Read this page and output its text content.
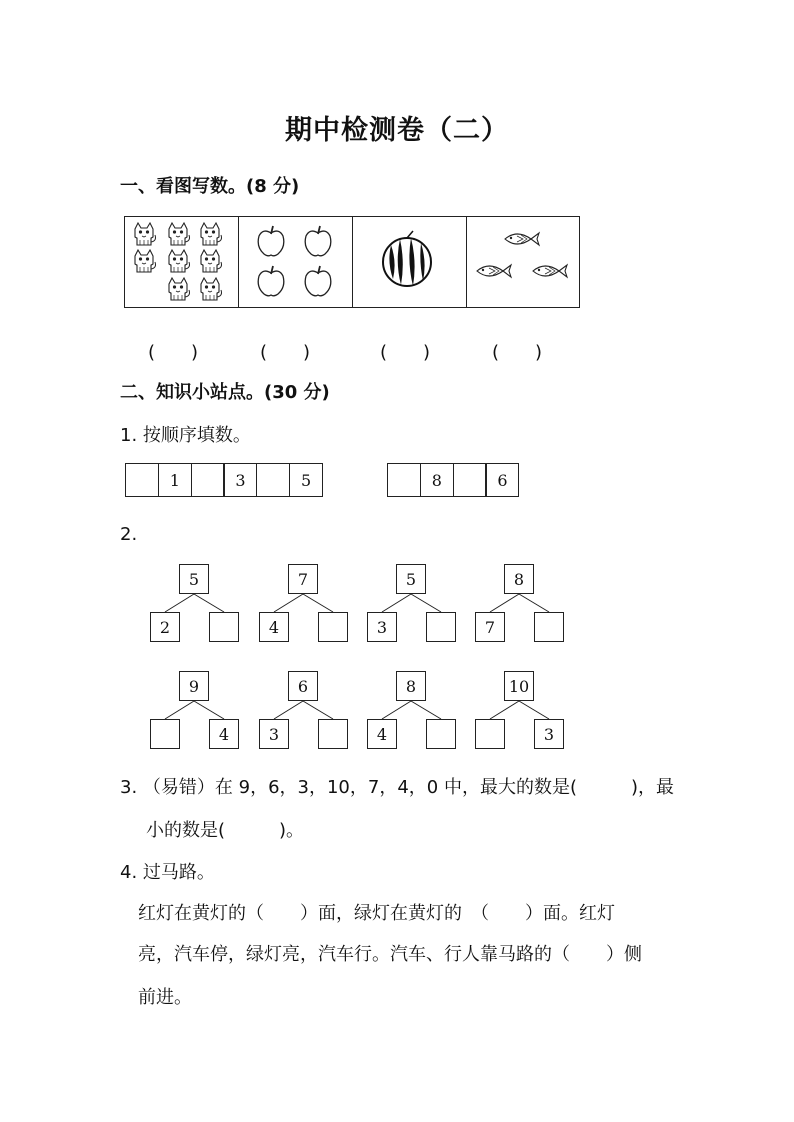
期中检测卷（二）
一、看图写数。(8 分)
(　　)	(　　)	(　　)	(　　)
二、知识小站点。(30 分)
1. 按顺序填数。
1	3	5	8	6
2.
5
2
7
4
5
3
8
7
9
4
6
3
8
4
10
3
3. （易错）在 9，6，3，10，7，4，0 中，最大的数是(　　　)，最
小的数是(　　　)。
4. 过马路。
红灯在黄灯的（　　）面，绿灯在黄灯的　（　　）面。红灯
亮，汽车停，绿灯亮，汽车行。汽车、行人靠马路的（　　）侧
前进。
